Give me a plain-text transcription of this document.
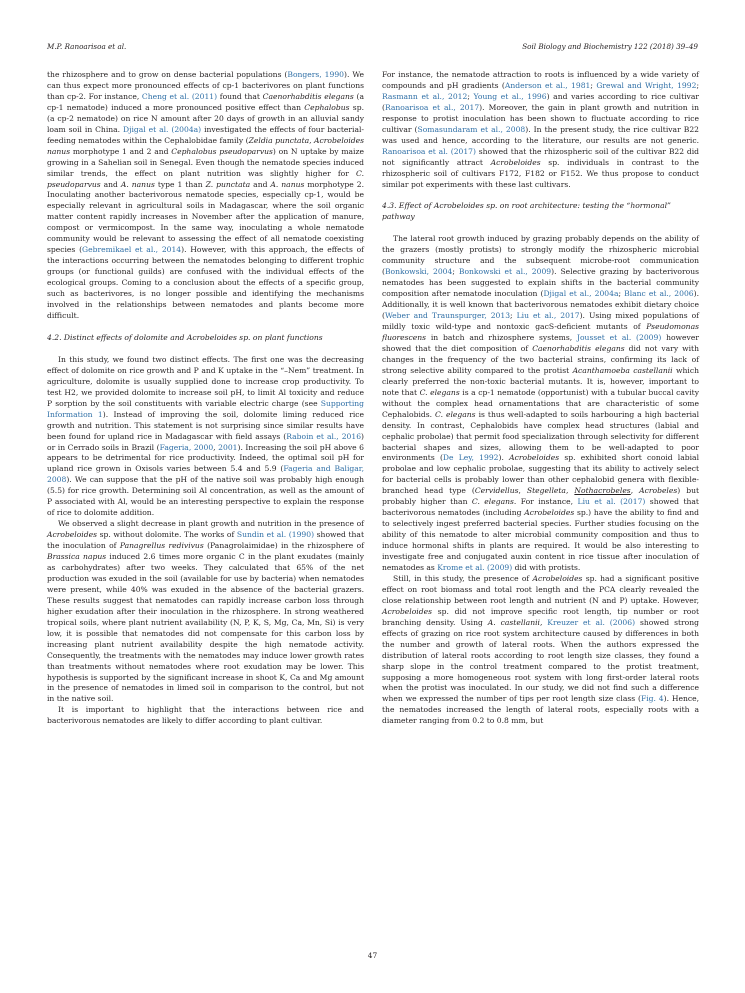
M.P. Ranoarisoa et al.	Soil Biology and Biochemistry 122 (2018) 39–49

the rhizosphere and to grow on dense bacterial populations (Bongers, 1990). We can thus expect more pronounced effects of cp-1 bacterivores on plant functions than cp-2. For instance, Cheng et al. (2011) found that Caenorhabditis elegans (a cp-1 nematode) induced a more pronounced positive effect than Cephalobus sp. (a cp-2 nematode) on rice N amount after 20 days of growth in an alluvial sandy loam soil in China. Djigal et al. (2004a) investigated the effects of four bacterial-feeding nematodes within the Cephalobidae family (Zeldia punctata, Acrobeloides nanus morphotype 1 and 2 and Cephalobus pseudoparvus) on N uptake by maize growing in a Sahelian soil in Senegal. Even though the nematode species induced similar trends, the effect on plant nutrition was slightly higher for C. pseudoparvus and A. nanus type 1 than Z. punctata and A. nanus morphotype 2. Inoculating another bacterivorous nematode species, especially cp-1, would be especially relevant in agricultural soils in Madagascar, where the soil organic matter content rapidly increases in November after the application of manure, compost or vermicompost. In the same way, inoculating a whole nematode community would be relevant to assessing the effect of all nematode coexisting species (Gebremikael et al., 2014). However, with this approach, the effects of the interactions occurring between the nematodes belonging to different trophic groups (or functional guilds) are confused with the individual effects of the ecological groups. Coming to a conclusion about the effects of a specific group, such as bacterivores, is no longer possible and identifying the mechanisms involved in the relationships between nematodes and plants become more difficult.

4.2. Distinct effects of dolomite and Acrobeloides sp. on plant functions

In this study, we found two distinct effects. The first one was the decreasing effect of dolomite on rice growth and P and K uptake in the “–Nem” treatment. In agriculture, dolomite is usually supplied done to increase crop productivity. To test H2, we provided dolomite to increase soil pH, to limit Al toxicity and reduce P sorption by the soil constituents with variable electric charge (see Supporting Information 1). Instead of improving the soil, dolomite liming reduced rice growth and nutrition. This statement is not surprising since similar results have been found for upland rice in Madagascar with field assays (Raboin et al., 2016) or in Cerrado soils in Brazil (Fageria, 2000, 2001). Increasing the soil pH above 6 appears to be detrimental for rice productivity. Indeed, the optimal soil pH for upland rice grown in Oxisols varies between 5.4 and 5.9 (Fageria and Baligar, 2008). We can suppose that the pH of the native soil was probably high enough (5.5) for rice growth. Determining soil Al concentration, as well as the amount of P associated with Al, would be an interesting perspective to explain the response of rice to dolomite addition.

We observed a slight decrease in plant growth and nutrition in the presence of Acrobeloides sp. without dolomite. The works of Sundin et al. (1990) showed that the inoculation of Panagrellus redivivus (Panagrolaimidae) in the rhizosphere of Brassica napus induced 2.6 times more organic C in the plant exudates (mainly as carbohydrates) after two weeks. They calculated that 65% of the net production was exuded in the soil (available for use by bacteria) when nematodes were present, while 40% was exuded in the absence of the bacterial grazers. These results suggest that nematodes can rapidly increase carbon loss through higher exudation after their inoculation in the rhizosphere. In strong weathered tropical soils, where plant nutrient availability (N, P, K, S, Mg, Ca, Mn, Si) is very low, it is possible that nematodes did not compensate for this carbon loss by increasing plant nutrient availability despite the high nematode activity. Consequently, the treatments with the nematodes may induce lower growth rates than treatments without nematodes where root exudation may be lower. This hypothesis is supported by the significant increase in shoot K, Ca and Mg amount in the presence of nematodes in limed soil in comparison to the control, but not in the native soil.

It is important to highlight that the interactions between rice and bacterivorous nematodes are likely to differ according to plant cultivar.

For instance, the nematode attraction to roots is influenced by a wide variety of compounds and pH gradients (Anderson et al., 1981; Grewal and Wright, 1992; Rasmann et al., 2012; Young et al., 1996) and varies according to rice cultivar (Ranoarisoa et al., 2017). Moreover, the gain in plant growth and nutrition in response to protist inoculation has been shown to fluctuate according to rice cultivar (Somasundaram et al., 2008). In the present study, the rice cultivar B22 was used and hence, according to the literature, our results are not generic. Ranoarisoa et al. (2017) showed that the rhizospheric soil of the cultivar B22 did not significantly attract Acrobeloides sp. individuals in contrast to the rhizospheric soil of cultivars F172, F182 or F152. We thus propose to conduct similar pot experiments with these last cultivars.

4.3. Effect of Acrobeloides sp. on root architecture: testing the “hormonal” pathway

The lateral root growth induced by grazing probably depends on the ability of the grazers (mostly protists) to strongly modify the rhizospheric microbial community structure and the subsequent microbe-root communication (Bonkowski, 2004; Bonkowski et al., 2009). Selective grazing by bacterivorous nematodes has been suggested to explain shifts in the bacterial community composition after nematode inoculation (Djigal et al., 2004a; Blanc et al., 2006). Additionally, it is well known that bacterivorous nematodes exhibit dietary choice (Weber and Traunspurger, 2013; Liu et al., 2017). Using mixed populations of mildly toxic wild-type and nontoxic gacS-deficient mutants of Pseudomonas fluorescens in batch and rhizosphere systems, Jousset et al. (2009) however showed that the diet composition of Caenorhabditis elegans did not vary with changes in the frequency of the two bacterial strains, confirming its lack of strong selective ability compared to the protist Acanthamoeba castellanii which clearly preferred the non-toxic bacterial mutants. It is, however, important to note that C. elegans is a cp-1 nematode (opportunist) with a tubular buccal cavity without the complex head ornamentations that are characteristic of some Cephalobids. C. elegans is thus well-adapted to soils harbouring a high bacterial density. In contrast, Cephalobids have complex head structures (labial and cephalic probolae) that permit food specialization through selectivity for different bacterial shapes and sizes, allowing them to be well-adapted to poor environments (De Ley, 1992). Acrobeloides sp. exhibited short conoid labial probolae and low cephalic probolae, suggesting that its ability to actively select for bacterial cells is probably lower than other cephalobid genera with flexible-branched head type (Cervidellus, Stegelleta, Nothacrobeles, Acrobeles) but probably higher than C. elegans. For instance, Liu et al. (2017) showed that bacterivorous nematodes (including Acrobeloides sp.) have the ability to find and to selectively ingest preferred bacterial species. Further studies focusing on the ability of this nematode to alter microbial community composition and thus to induce hormonal shifts in plants are required. It would be also interesting to investigate free and conjugated auxin content in rice tissue after inoculation of nematodes as Krome et al. (2009) did with protists.

Still, in this study, the presence of Acrobeloides sp. had a significant positive effect on root biomass and total root length and the PCA clearly revealed the close relationship between root length and nutrient (N and P) uptake. However, Acrobeloides sp. did not improve specific root length, tip number or root branching density. Using A. castellanii, Kreuzer et al. (2006) showed strong effects of grazing on rice root system architecture caused by differences in both the number and growth of lateral roots. When the authors expressed the distribution of lateral roots according to root length size classes, they found a sharp slope in the control treatment compared to the protist treatment, supposing a more homogeneous root system with long first-order lateral roots when the protist was inoculated. In our study, we did not find such a difference when we expressed the number of tips per root length size class (Fig. 4). Hence, the nematodes increased the length of lateral roots, especially roots with a diameter ranging from 0.2 to 0.8 mm, but

47
